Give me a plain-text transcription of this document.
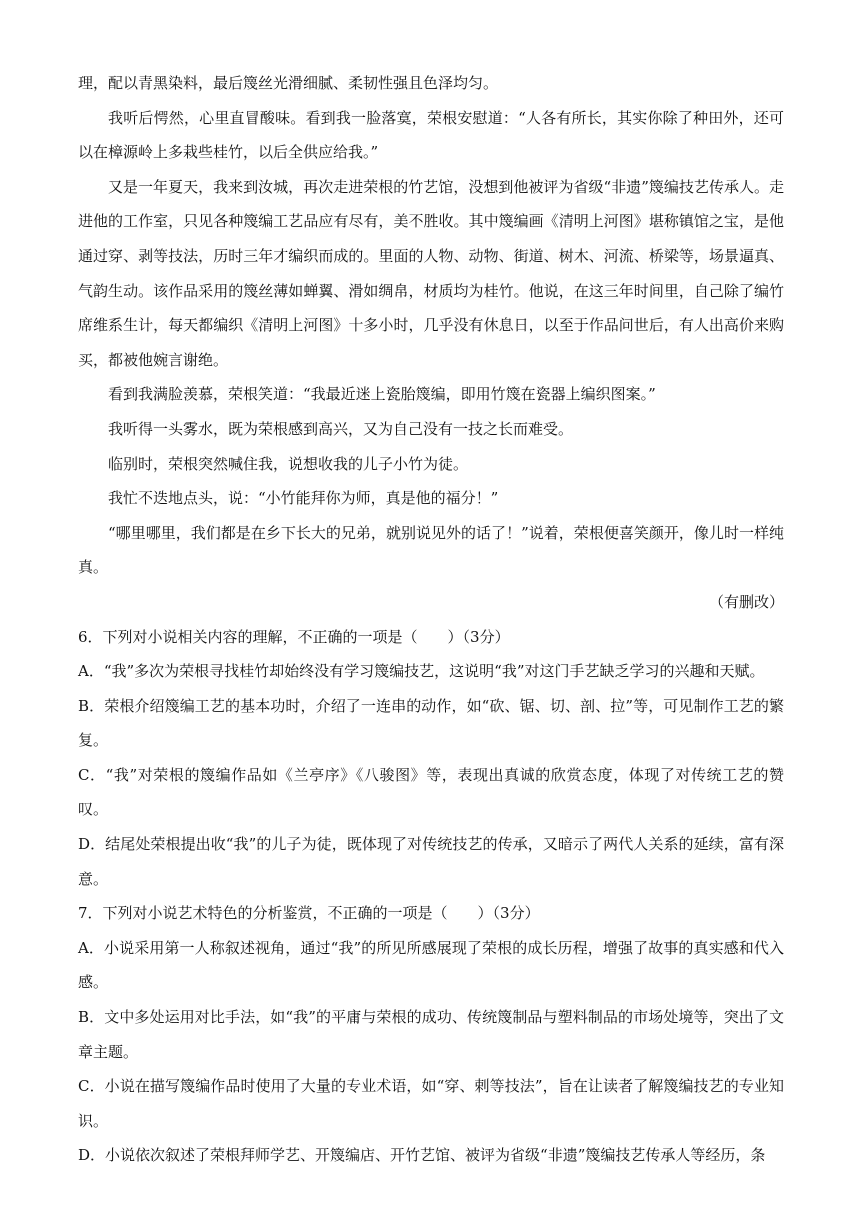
理，配以青黑染料，最后篾丝光滑细腻、柔韧性强且色泽均匀。

我听后愕然，心里直冒酸味。看到我一脸落寞，荣根安慰道：“人各有所长，其实你除了种田外，还可以在樟源岭上多栽些桂竹，以后全供应给我。”

又是一年夏天，我来到汝城，再次走进荣根的竹艺馆，没想到他被评为省级“非遗”篾编技艺传承人。走进他的工作室，只见各种篾编工艺品应有尽有，美不胜收。其中篾编画《清明上河图》堪称镇馆之宝，是他通过穿、剥等技法，历时三年才编织而成的。里面的人物、动物、街道、树木、河流、桥梁等，场景逼真、气韵生动。该作品采用的篾丝薄如蝉翼、滑如绸帛，材质均为桂竹。他说，在这三年时间里，自己除了编竹席维系生计，每天都编织《清明上河图》十多小时，几乎没有休息日，以至于作品问世后，有人出高价来购买，都被他婉言谢绝。

看到我满脸羡慕，荣根笑道：“我最近迷上瓷胎篾编，即用竹篾在瓷器上编织图案。”

我听得一头雾水，既为荣根感到高兴，又为自己没有一技之长而难受。

临别时，荣根突然喊住我，说想收我的儿子小竹为徒。

我忙不迭地点头，说：“小竹能拜你为师，真是他的福分！”

“哪里哪里，我们都是在乡下长大的兄弟，就别说见外的话了！”说着，荣根便喜笑颜开，像儿时一样纯真。

（有删改）

6．下列对小说相关内容的理解，不正确的一项是（　　）（3分）

A．“我”多次为荣根寻找桂竹却始终没有学习篾编技艺，这说明“我”对这门手艺缺乏学习的兴趣和天赋。

B．荣根介绍篾编工艺的基本功时，介绍了一连串的动作，如“砍、锯、切、剖、拉”等，可见制作工艺的繁复。

C．“我”对荣根的篾编作品如《兰亭序》《八骏图》等，表现出真诚的欣赏态度，体现了对传统工艺的赞叹。

D．结尾处荣根提出收“我”的儿子为徒，既体现了对传统技艺的传承，又暗示了两代人关系的延续，富有深意。

7．下列对小说艺术特色的分析鉴赏，不正确的一项是（　　）（3分）

A．小说采用第一人称叙述视角，通过“我”的所见所感展现了荣根的成长历程，增强了故事的真实感和代入感。

B．文中多处运用对比手法，如“我”的平庸与荣根的成功、传统篾制品与塑料制品的市场处境等，突出了文章主题。

C．小说在描写篾编作品时使用了大量的专业术语，如“穿、剌等技法”，旨在让读者了解篾编技艺的专业知识。

D．小说依次叙述了荣根拜师学艺、开篾编店、开竹艺馆、被评为省级“非遗”篾编技艺传承人等经历，条
